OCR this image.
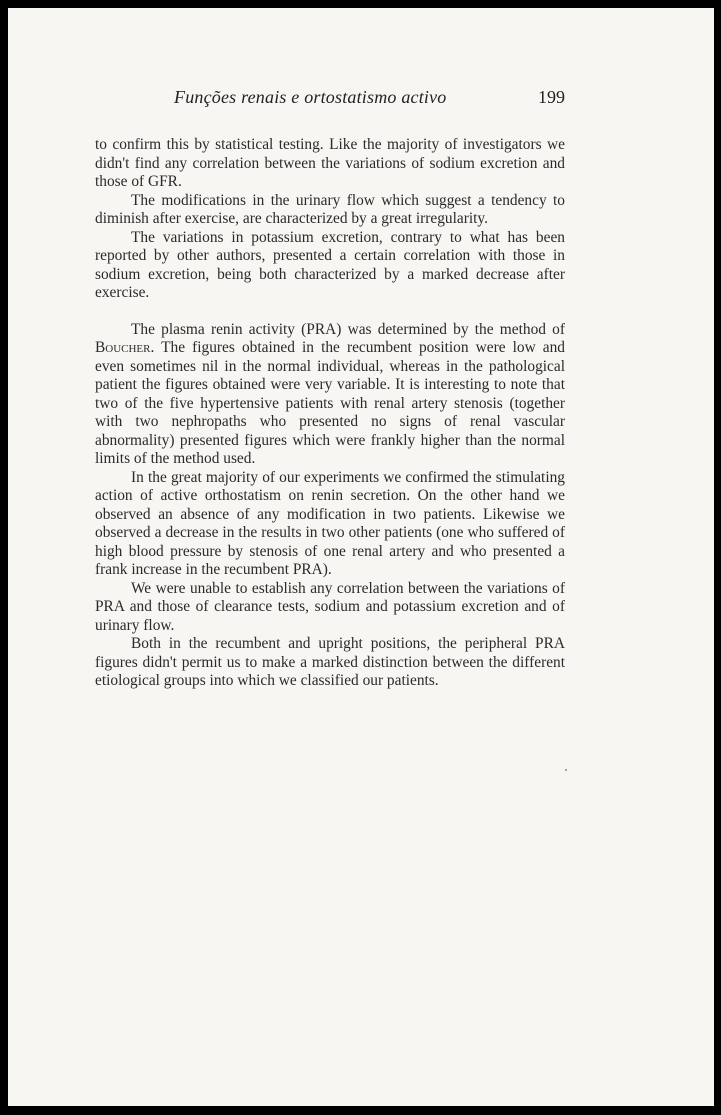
Funções renais e ortostatismo activo	199

to confirm this by statistical testing. Like the majority of investigators we didn't find any correlation between the variations of sodium excretion and those of GFR.

The modifications in the urinary flow which suggest a tendency to diminish after exercise, are characterized by a great irregularity.

The variations in potassium excretion, contrary to what has been reported by other authors, presented a certain correlation with those in sodium excretion, being both characterized by a marked decrease after exercise.

The plasma renin activity (PRA) was determined by the method of Boucher. The figures obtained in the recumbent position were low and even sometimes nil in the normal individual, whereas in the pathological patient the figures obtained were very variable. It is interesting to note that two of the five hypertensive patients with renal artery stenosis (together with two nephropaths who presented no signs of renal vascular abnormality) presented figures which were frankly higher than the normal limits of the method used.

In the great majority of our experiments we confirmed the stimulating action of active orthostatism on renin secretion. On the other hand we observed an absence of any modification in two patients. Likewise we observed a decrease in the results in two other patients (one who suffered of high blood pressure by stenosis of one renal artery and who presented a frank increase in the recumbent PRA).

We were unable to establish any correlation between the variations of PRA and those of clearance tests, sodium and potassium excretion and of urinary flow.

Both in the recumbent and upright positions, the peripheral PRA figures didn't permit us to make a marked distinction between the different etiological groups into which we classified our patients.
